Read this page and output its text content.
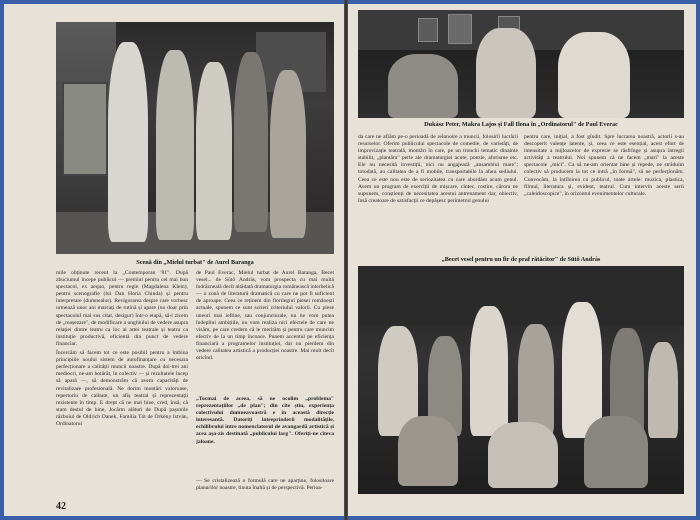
Scenă din „Mielul turbat" de Aurel Baranga

mile obținute recent la „Contemporan '81". După zbuciumul începe publicul — premiul pentru cel mai bun spectacol, ex aequo, pentru regie (Magdalena Klein), pentru scenografie (lui Dan Horia Chinda) și pentru interpretare (dumnealor). Revigorarea despre care vorbesc urmează unor ani marcați de rutină și apare (nu doar prin spectacolul mai sus citat, desigur) într-o etapă, să-i zicem de „reașezare", de modificare a unghiului de vedere asupra relației dintre teatru ca loc al artei teatrale și teatru ca instituție productivă, eficientă din punct de vedere financiar.

Încercăm să facem tot ce este posibil pentru a îmbina principiile noului sistem de autofinanțare cu necesara perfecționare a calității muncii noastre. După doi-trei ani mediocri, ne-am hotărât, în colectiv — și rezultatele încep să apară —, să demonstrăm că avem capacități de revitalizare profesională. Ne dorim montări valoroase, repertoriu de calitate, un afiș teatral și reprezentații rezistente în timp. E drept că ne mai bine, cred, însă, că stam destul de bine, Jocărm alături de După pașunile războiul de Oldrich Danek, Familia Tót de Örkény István, Ordinatorul

de Paul Everac, Mielul turbat de Aurel Baranga, Becet vesel... de Sütő András, vom prospecta cu mai multă îndrăzneală decît altădată dramaturgia românească interbelică — o zonă de literatură dramatică cu care ne pot fi suficient de aproape. Ceea ce reținem din florilegiul piesei românești actuale, spunem ce sunt scrieri criteriului valorii. Cu piese uneori mai ieftine, sau conjuncturale, nu ne vom putea îndeplini ambițiile, nu vom realiza nici efectele de care ne visăm, pe care credem că le merităm și pentru care muncim efectiv de la un timp încoace. Punem accentul pe eficiența financiară a programelor instituției, dar nu pierdem din vedere calitatea artistică a producției noastre. Mai mult decît oricînd.

„Tocmai de aceea, să ne ocolim „problema" reprezentațiilor „de plan"; din cite știu, experiența colectivului dumneavoastră e în această direcție interesantă. Datoriți intreprinderii modalitățile, echilibrului între nomenclatorul de avangardă artistică și acea așa-zis destinată „publicului larg". Oferiți-ne cîteva jaloane.
— Se cristalizează o formulă care ne aparține, folositoare planurilor noastre, tinuta înaltă și de perspectivă. Perioa-
42
Dukász Peter, Makra Lajos și Fall Ilona în „Ordinatorul" de Paul Everac

da care ne aflăm pe-o perioadă de reînnoire a muncii, folosirii lucrării resurselor. Oferim publicului spectacole de comedie, de varietăți, de improvizație teatrală, montări în care, pe un tronchi tematic dinainte stabilit, „plantăm" perle ale dramaturgiei acute, poezie, aforisme etc. Ele nu necesită investiții, nici nu angajează „ansamblul mare"; totodată, au calitatea de a fi mobile, transportabile la afara sediului. Ceea ce este nou este de seriozitatea cu care abordăm acum genul. Avem un program de exerciții de mișcare, cîntec, rostire, cărora ne supunem, conștienți de necesitatea acestui antrenament dar, obiectiv, însă creatoare de satisfacții ce depășesc perimetrul genului

pentru care, inițial, a fost gîndit. Spre lucrarea noastră, actorii s-au descoperit valențe latente, și, ceea ce este esențial, acest efort de intensitate a mijloacelor de expresie se răsfrînge și asupra întregii activități a teatrului. Noi spunem că ne facem „mari" la aceste spectacole „mici". Ca să ne-am orientat bine și repede, ne străduim colectiv să producem la tot ce intră „în formă", să ne perfecționăm. Convocăm, la întîlnirea cu publicul, toate artele: muzica, plastica, filmul, literatura și, evident, teatrul. Cum intervin aceste serii „caleidoscopice", în orizontul evenimentelor culturale.

„Becet vesel pentru un fir de praf rătăcitor" de Sütő András
